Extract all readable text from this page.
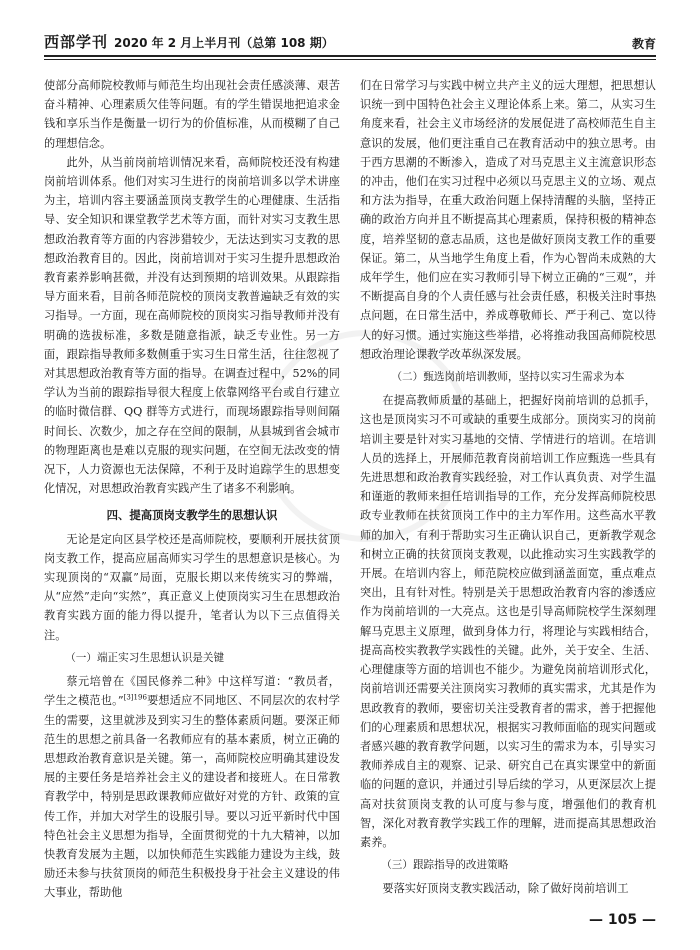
西部学刊 2020 年 2 月上半月刊（总第 108 期）	教育

使部分高师院校教师与师范生均出现社会责任感淡薄、艰苦奋斗精神、心理素质欠佳等问题。有的学生错误地把追求金钱和享乐当作是衡量一切行为的价值标准，从而模糊了自己的理想信念。

此外，从当前岗前培训情况来看，高师院校还没有构建岗前培训体系。他们对实习生进行的岗前培训多以学术讲座为主，培训内容主要涵盖顶岗支教学生的心理健康、生活指导、安全知识和课堂教学艺术等方面，而针对实习支教生思想政治教育等方面的内容涉猎较少，无法达到实习支教的思想政治教育目的。因此，岗前培训对于实习生提升思想政治教育素养影响甚微，并没有达到预期的培训效果。从跟踪指导方面来看，目前各师范院校的顶岗支教普遍缺乏有效的实习指导。一方面，现在高师院校的顶岗实习指导教师并没有明确的选拔标准，多数是随意指派，缺乏专业性。另一方面，跟踪指导教师多数侧重于实习生日常生活，往往忽视了对其思想政治教育等方面的指导。在调查过程中，52%的同学认为当前的跟踪指导很大程度上依靠网络平台或自行建立的临时微信群、QQ 群等方式进行，而现场跟踪指导则间隔时间长、次数少，加之存在空间的限制，从县城到省会城市的物理距离也是难以克服的现实问题，在空间无法改变的情况下，人力资源也无法保障，不利于及时追踪学生的思想变化情况，对思想政治教育实践产生了诸多不利影响。

四、提高顶岗支教学生的思想认识

无论是定向区县学校还是高师院校，要顺利开展扶贫顶岗支教工作，提高应届高师实习学生的思想意识是核心。为实现顶岗的“双赢”局面，克服长期以来传统实习的弊端，从“应然”走向“实然”，真正意义上使顶岗实习生在思想政治教育实践方面的能力得以提升，笔者认为以下三点值得关注。

（一）端正实习生思想认识是关键

蔡元培曾在《国民修养二种》中这样写道：“教员者，学生之模范也。”$^{[3]196}$要想适应不同地区、不同层次的农村学生的需要，这里就涉及到实习生的整体素质问题。要深正师范生的思想之前具备一名教师应有的基本素质，树立正确的思想政治教育意识是关键。第一，高师院校应明确其建设发展的主要任务是培养社会主义的建设者和接班人。在日常教育教学中，特别是思政课教师应做好对党的方针、政策的宣传工作，并加大对学生的设服引导。要以习近平新时代中国特色社会主义思想为指导，全面贯彻党的十九大精神，以加快教育发展为主题，以加快师范生实践能力建设为主线，鼓励还未参与扶贫顶岗的师范生积极投身于社会主义建设的伟大事业，帮助他

们在日常学习与实践中树立共产主义的远大理想，把思想认识统一到中国特色社会主义理论体系上来。第二，从实习生角度来看，社会主义市场经济的发展促进了高校师范生自主意识的发展，他们更注重自己在教育活动中的独立思考。由于西方思潮的不断渗入，造成了对马克思主义主流意识形态的冲击，他们在实习过程中必须以马克思主义的立场、观点和方法为指导，在重大政治问题上保持清醒的头脑，坚持正确的政治方向并且不断提高其心理素质，保持积极的精神态度，培养坚韧的意志品质，这也是做好顶岗支教工作的重要保证。第二，从当地学生角度上看，作为心智尚未成熟的大成年学生，他们应在实习教师引导下树立正确的“三观”，并不断提高自身的个人责任感与社会责任感，积极关注时事热点问题，在日常生活中，养成尊敬师长、严于利己、宽以待人的好习惯。通过实施这些举措，必将推动我国高师院校思想政治理论课教学改革纵深发展。

（二）甄选岗前培训教师，坚持以实习生需求为本

在提高教师质量的基础上，把握好岗前培训的总抓手，这也是顶岗实习不可或缺的重要生成部分。顶岗实习的岗前培训主要是针对实习基地的交情、学情进行的培训。在培训人员的选择上，开展师范教育岗前培训工作应甄选一些具有先进思想和政治教育实践经验，对工作认真负责、对学生温和谨逝的教师来担任培训指导的工作，充分发挥高师院校思政专业教师在扶贫顶岗工作中的主力军作用。这些高水平教师的加入，有利于帮助实习生正确认识自己，更新教学观念和树立正确的扶贫顶岗支教观，以此推动实习生实践教学的开展。在培训内容上，师范院校应做到涵盖面宽，重点难点突出，且有针对性。特别是关于思想政治教育内容的渗透应作为岗前培训的一大亮点。这也是引导高师院校学生深刻理解马克思主义原理，做到身体力行，将理论与实践相结合，提高高校实教教学实践性的关键。此外，关于安全、生活、心理健康等方面的培训也不能少。为避免岗前培训形式化，岗前培训还需要关注顶岗实习教师的真实需求，尤其是作为思政教育的教师，要密切关注受教育者的需求，善于把握他们的心理素质和思想状况，根据实习教师面临的现实问题或者感兴趣的教育教学问题，以实习生的需求为本，引导实习教师养成自主的观察、记录、研究自己在真实课堂中的新面临的问题的意识，并通过引导后续的学习，从更深层次上提高对扶贫顶岗支教的认可度与参与度，增强他们的教育机智，深化对教育教学实践工作的理解，进而提高其思想政治素养。

（三）跟踪指导的改进策略

要落实好顶岗支教实践活动，除了做好岗前培训工

— 105 —
